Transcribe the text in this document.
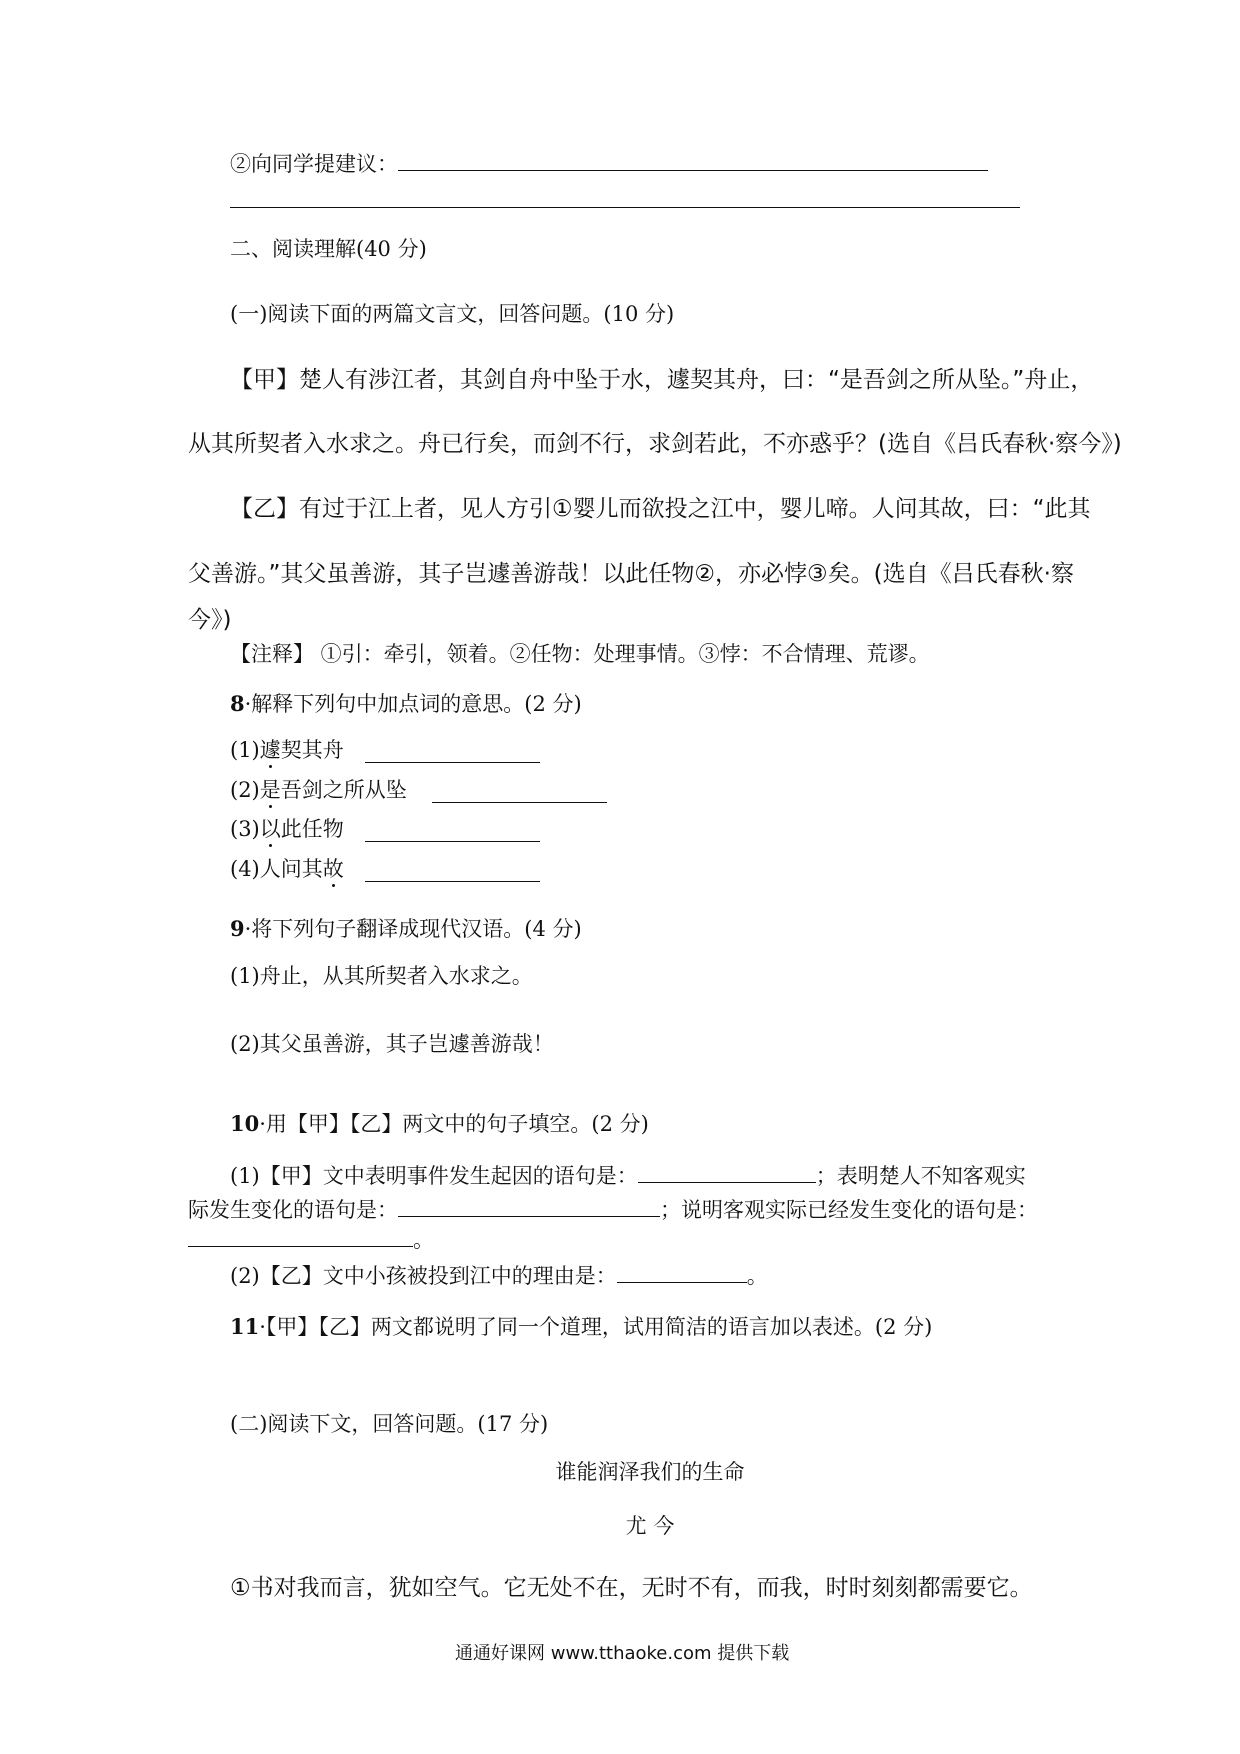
②向同学提建议：
二、阅读理解(40 分)
(一)阅读下面的两篇文言文，回答问题。(10 分)
【甲】楚人有涉江者，其剑自舟中坠于水，遽契其舟，曰：“是吾剑之所从坠。”舟止，
从其所契者入水求之。舟已行矣，而剑不行，求剑若此，不亦惑乎？(选自《吕氏春秋·察今》)
【乙】有过于江上者，见人方引①婴儿而欲投之江中，婴儿啼。人问其故，曰：“此其
父善游。”其父虽善游，其子岂遽善游哉！以此任物②，亦必悖③矣。(选自《吕氏春秋·察
今》)
【注释】 ①引：牵引，领着。②任物：处理事情。③悖：不合情理、荒谬。
8·解释下列句中加点词的意思。(2 分)
(1)遽契其舟
(2)是吾剑之所从坠
(3)以此任物
(4)人问其故
9·将下列句子翻译成现代汉语。(4 分)
(1)舟止，从其所契者入水求之。
(2)其父虽善游，其子岂遽善游哉！
10·用【甲】【乙】两文中的句子填空。(2 分)
(1)【甲】文中表明事件发生起因的语句是：	；表明楚人不知客观实
际发生变化的语句是：	；说明客观实际已经发生变化的语句是：
。
(2)【乙】文中小孩被投到江中的理由是：	。
11·【甲】【乙】两文都说明了同一个道理，试用简洁的语言加以表述。(2 分)
(二)阅读下文，回答问题。(17 分)
谁能润泽我们的生命
尤 今
①书对我而言，犹如空气。它无处不在，无时不有，而我，时时刻刻都需要它。
通通好课网 www.tthaoke.com 提供下载
